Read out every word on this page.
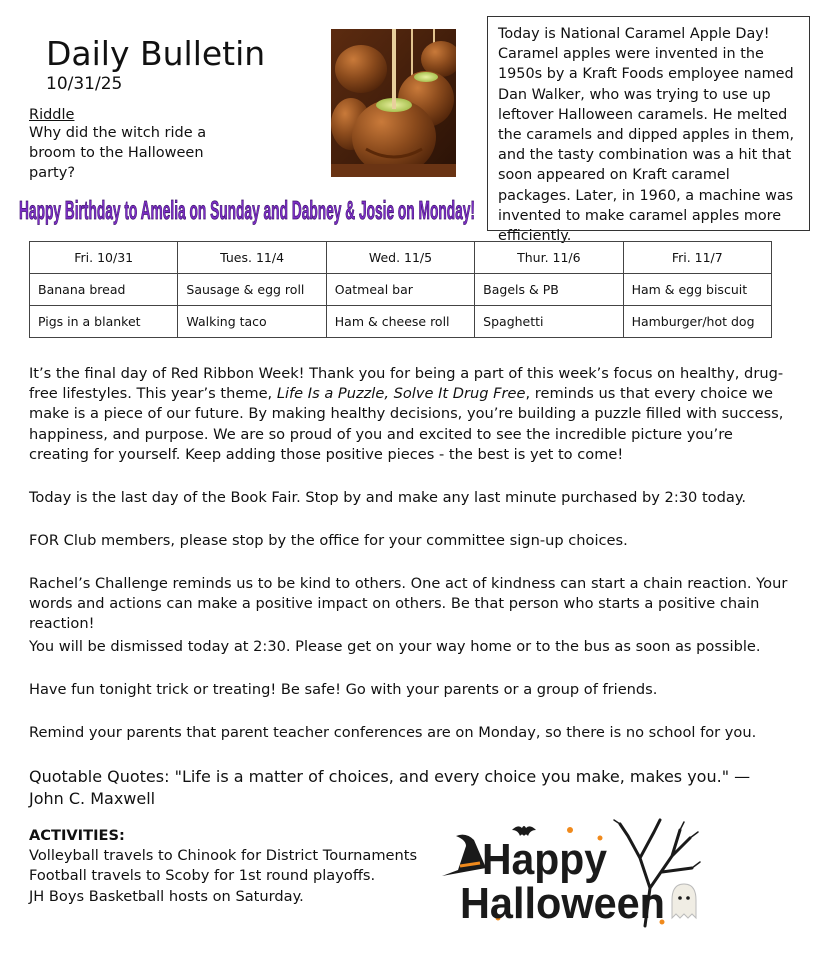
Daily Bulletin
10/31/25
Riddle
Why did the witch ride a broom to the Halloween party?
Today is National Caramel Apple Day! Caramel apples were invented in the 1950s by a Kraft Foods employee named Dan Walker, who was trying to use up leftover Halloween caramels. He melted the caramels and dipped apples in them, and the tasty combination was a hit that soon appeared on Kraft caramel packages. Later, in 1960, a machine was invented to make caramel apples more efficiently.
Happy Birthday to Amelia on Sunday and Dabney & Josie on Monday!
Fri. 10/31	Tues. 11/4	Wed. 11/5	Thur. 11/6	Fri. 11/7
Banana bread	Sausage & egg roll	Oatmeal bar	Bagels & PB	Ham & egg biscuit
Pigs in a blanket	Walking taco	Ham & cheese roll	Spaghetti	Hamburger/hot dog
It’s the final day of Red Ribbon Week! Thank you for being a part of this week’s focus on healthy, drug-free lifestyles. This year’s theme, Life Is a Puzzle, Solve It Drug Free, reminds us that every choice we make is a piece of our future. By making healthy decisions, you’re building a puzzle filled with success, happiness, and purpose. We are so proud of you and excited to see the incredible picture you’re creating for yourself. Keep adding those positive pieces - the best is yet to come!
Today is the last day of the Book Fair. Stop by and make any last minute purchased by 2:30 today.
FOR Club members, please stop by the office for your committee sign-up choices.
Rachel’s Challenge reminds us to be kind to others. One act of kindness can start a chain reaction. Your words and actions can make a positive impact on others. Be that person who starts a positive chain reaction!
You will be dismissed today at 2:30. Please get on your way home or to the bus as soon as possible.
Have fun tonight trick or treating! Be safe! Go with your parents or a group of friends.
Remind your parents that parent teacher conferences are on Monday, so there is no school for you.
Quotable Quotes: "Life is a matter of choices, and every choice you make, makes you." — John C. Maxwell
ACTIVITIES:
Volleyball travels to Chinook for District Tournaments
Football travels to Scoby for 1st round playoffs.
JH Boys Basketball hosts on Saturday.
Happy
Halloween
